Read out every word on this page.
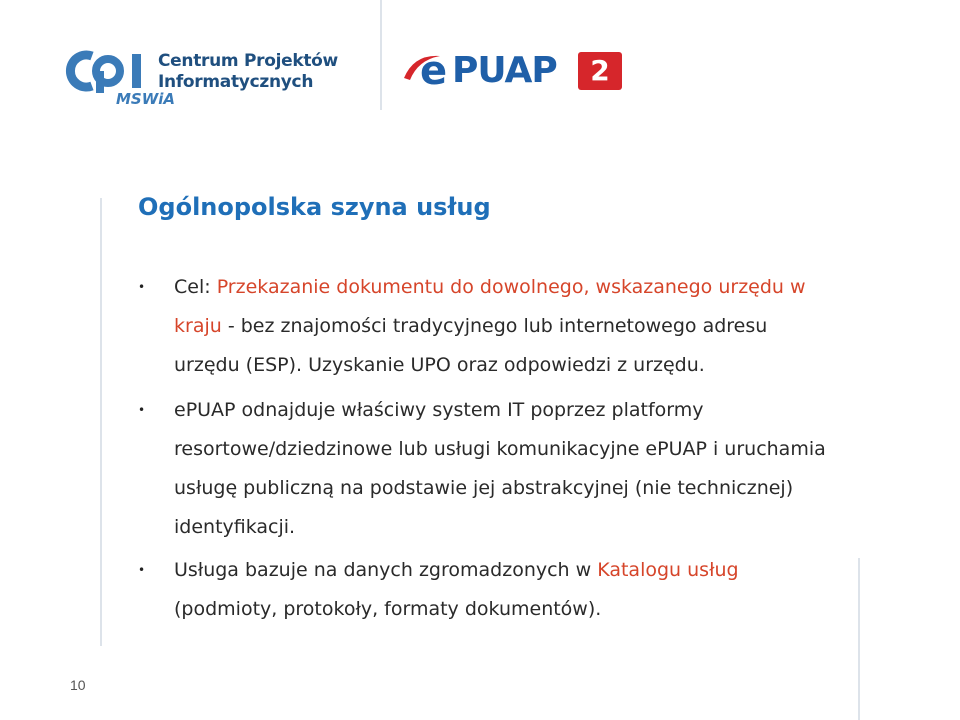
Centrum Projektów
Informatycznych
MSWiA
e PUAP	2
Ogólnopolska szyna usług
• Cel: Przekazanie dokumentu do dowolnego, wskazanego urzędu w kraju - bez znajomości tradycyjnego lub internetowego adresu urzędu (ESP). Uzyskanie UPO oraz odpowiedzi z urzędu.
• ePUAP odnajduje właściwy system IT poprzez platformy resortowe/dziedzinowe lub usługi komunikacyjne ePUAP i uruchamia usługę publiczną na podstawie jej abstrakcyjnej (nie technicznej) identyfikacji.
• Usługa bazuje na danych zgromadzonych w Katalogu usług (podmioty, protokoły, formaty dokumentów).
10
